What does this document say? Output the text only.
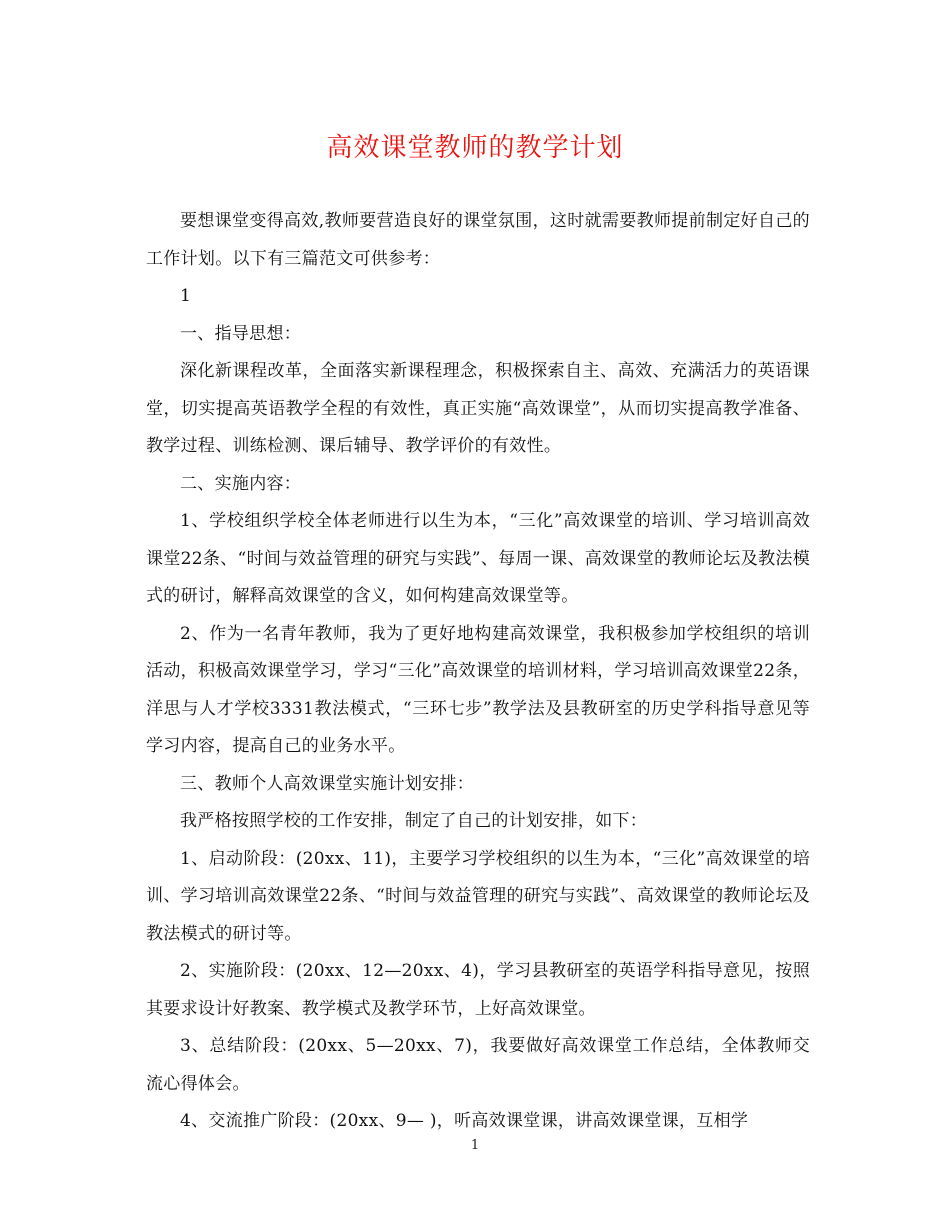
高效课堂教师的教学计划

要想课堂变得高效,教师要营造良好的课堂氛围，这时就需要教师提前制定好自己的工作计划。以下有三篇范文可供参考：

1

一、指导思想：

深化新课程改革，全面落实新课程理念，积极探索自主、高效、充满活力的英语课堂，切实提高英语教学全程的有效性，真正实施“高效课堂”，从而切实提高教学准备、教学过程、训练检测、课后辅导、教学评价的有效性。

二、实施内容：

1、学校组织学校全体老师进行以生为本，“三化”高效课堂的培训、学习培训高效课堂22条、“时间与效益管理的研究与实践”、每周一课、高效课堂的教师论坛及教法模式的研讨，解释高效课堂的含义，如何构建高效课堂等。

2、作为一名青年教师，我为了更好地构建高效课堂，我积极参加学校组织的培训活动，积极高效课堂学习，学习“三化”高效课堂的培训材料，学习培训高效课堂22条，洋思与人才学校3331教法模式，“三环七步”教学法及县教研室的历史学科指导意见等学习内容，提高自己的业务水平。

三、教师个人高效课堂实施计划安排：

我严格按照学校的工作安排，制定了自己的计划安排，如下：

1、启动阶段：(20xx、11)，主要学习学校组织的以生为本，“三化”高效课堂的培训、学习培训高效课堂22条、“时间与效益管理的研究与实践”、高效课堂的教师论坛及教法模式的研讨等。

2、实施阶段：(20xx、12—20xx、4)，学习县教研室的英语学科指导意见，按照其要求设计好教案、教学模式及教学环节，上好高效课堂。

3、总结阶段：(20xx、5—20xx、7)，我要做好高效课堂工作总结，全体教师交流心得体会。

4、交流推广阶段：(20xx、9— )，听高效课堂课，讲高效课堂课，互相学

1
